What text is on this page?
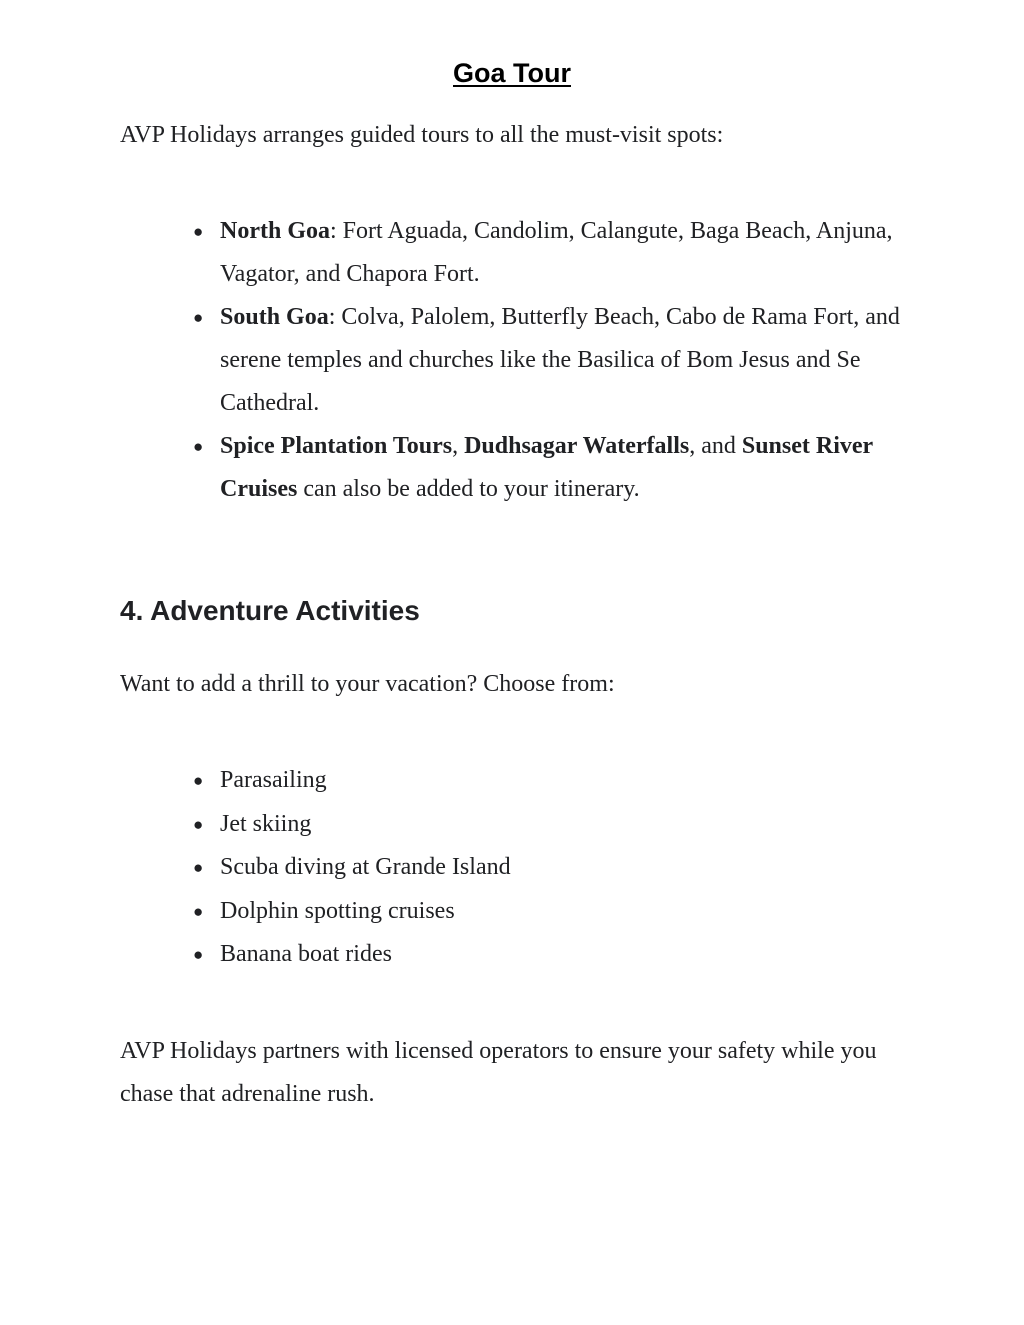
Goa Tour

AVP Holidays arranges guided tours to all the must-visit spots:

● North Goa: Fort Aguada, Candolim, Calangute, Baga Beach, Anjuna, Vagator, and Chapora Fort.
● South Goa: Colva, Palolem, Butterfly Beach, Cabo de Rama Fort, and serene temples and churches like the Basilica of Bom Jesus and Se Cathedral.
● Spice Plantation Tours, Dudhsagar Waterfalls, and Sunset River Cruises can also be added to your itinerary.
4. Adventure Activities

Want to add a thrill to your vacation? Choose from:

● Parasailing
● Jet skiing
● Scuba diving at Grande Island
● Dolphin spotting cruises
● Banana boat rides

AVP Holidays partners with licensed operators to ensure your safety while you chase that adrenaline rush.
